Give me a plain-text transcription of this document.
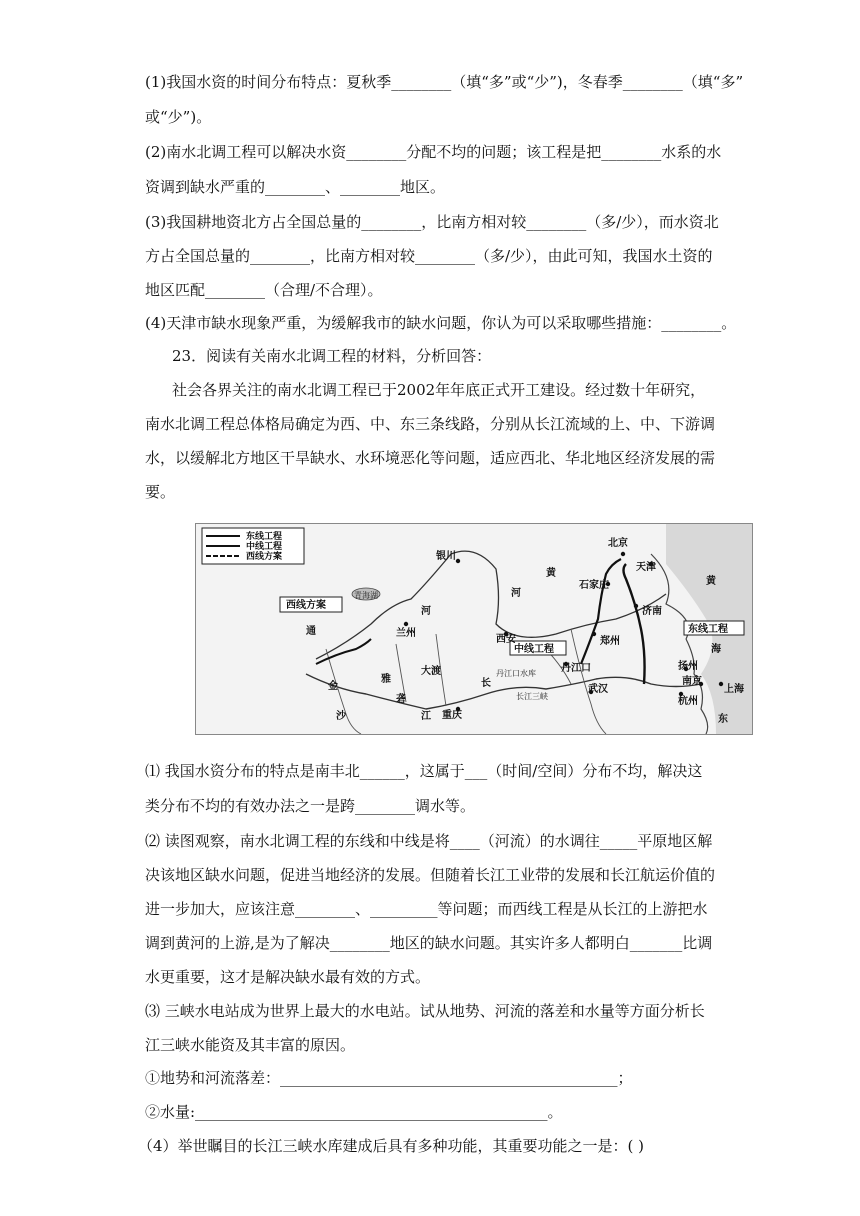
(1)我国水资的时间分布特点：夏秋季________（填“多”或“少”)，冬春季________（填“多”
或“少”)。
(2)南水北调工程可以解决水资________分配不均的问题；该工程是把________水系的水
资调到缺水严重的________、________地区。
(3)我国耕地资北方占全国总量的________，比南方相对较________（多/少），而水资北
方占全国总量的________，比南方相对较________（多/少），由此可知，我国水土资的
地区匹配________（合理/不合理）。
(4)天津市缺水现象严重，为缓解我市的缺水问题，你认为可以采取哪些措施：________。
23．阅读有关南水北调工程的材料，分析回答：
社会各界关注的南水北调工程已于2002年年底正式开工建设。经过数十年研究，
南水北调工程总体格局确定为西、中、东三条线路，分别从长江流域的上、中、下游调
水，以缓解北方地区干旱缺水、水环境恶化等问题，适应西北、华北地区经济发展的需
要。
东线工程
中线工程
西线方案
西线方案
中线工程
东线工程
北京
天津
石家庄
济南
郑州
西安
银川
兰州
重庆
武汉
南京
扬州
杭州
上海
丹江口
青海湖
黄
河
河
黄
海
东
长
江
金
沙
雅
砻
大渡
通
丹江口水库
长江三峡
⑴ 我国水资分布的特点是南丰北______，这属于___（时间/空间）分布不均，解决这
类分布不均的有效办法之一是跨________调水等。
⑵ 读图观察，南水北调工程的东线和中线是将____（河流）的水调往_____平原地区解
决该地区缺水问题，促进当地经济的发展。但随着长江工业带的发展和长江航运价值的
进一步加大，应该注意________、_________等问题；而西线工程是从长江的上游把水
调到黄河的上游,是为了解决________地区的缺水问题。其实许多人都明白_______比调
水更重要，这才是解决缺水最有效的方式。
⑶ 三峡水电站成为世界上最大的水电站。试从地势、河流的落差和水量等方面分析长
江三峡水能资及其丰富的原因。
①地势和河流落差：_____________________________________________；
②水量:_______________________________________________。
（4）举世瞩目的长江三峡水库建成后具有多种功能，其重要功能之一是：( )
